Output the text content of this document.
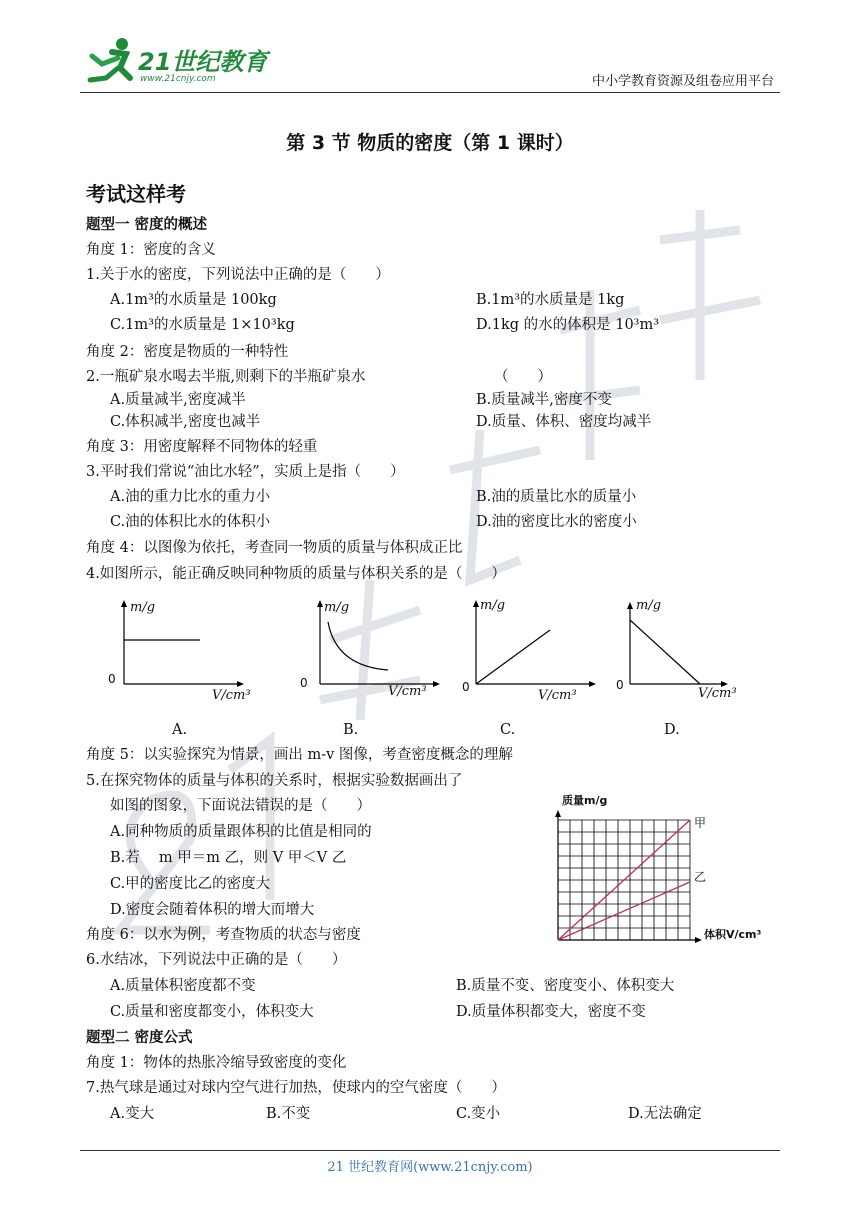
21世纪教育
www.21cnjy.com	中小学教育资源及组卷应用平台
第 3 节 物质的密度（第 1 课时）
考试这样考
题型一 密度的概述
角度 1：密度的含义
1.关于水的密度，下列说法中正确的是（　　）
A.1m³的水质量是 100kg	B.1m³的水质量是 1kg
C.1m³的水质量是 1×10³kg	D.1kg 的水的体积是 10³m³
角度 2：密度是物质的一种特性
2.一瓶矿泉水喝去半瓶,则剩下的半瓶矿泉水	（　　）
A.质量减半,密度减半	B.质量减半,密度不变
C.体积减半,密度也减半	D.质量、体积、密度均减半
角度 3：用密度解释不同物体的轻重
3.平时我们常说“油比水轻”，实质上是指（　　）
A.油的重力比水的重力小	B.油的质量比水的质量小
C.油的体积比水的体积小	D.油的密度比水的密度小
角度 4：以图像为依托，考查同一物质的质量与体积成正比
4.如图所示，能正确反映同种物质的质量与体积关系的是（　　）
m/g
0
V/cm³
m/g
0
V/cm³
m/g
0
V/cm³
m/g
0
V/cm³
A.	B.	C.	D.
角度 5：以实验探究为情景，画出 m-v 图像，考查密度概念的理解
5.在探究物体的质量与体积的关系时，根据实验数据画出了
如图的图象，下面说法错误的是（　　）
A.同种物质的质量跟体积的比值是相同的
B.若　 m 甲＝m 乙，则 V 甲＜V 乙
C.甲的密度比乙的密度大
D.密度会随着体积的增大而增大
质量m/g
甲
乙
体积V/cm³
角度 6：以水为例，考查物质的状态与密度
6.水结冰，下列说法中正确的是（　　）
A.质量体积密度都不变	B.质量不变、密度变小、体积变大
C.质量和密度都变小，体积变大	D.质量体积都变大，密度不变
题型二 密度公式
角度 1：物体的热胀冷缩导致密度的变化
7.热气球是通过对球内空气进行加热，使球内的空气密度（　　）
A.变大	B.不变	C.变小	D.无法确定
21 世纪教育网(www.21cnjy.com)
